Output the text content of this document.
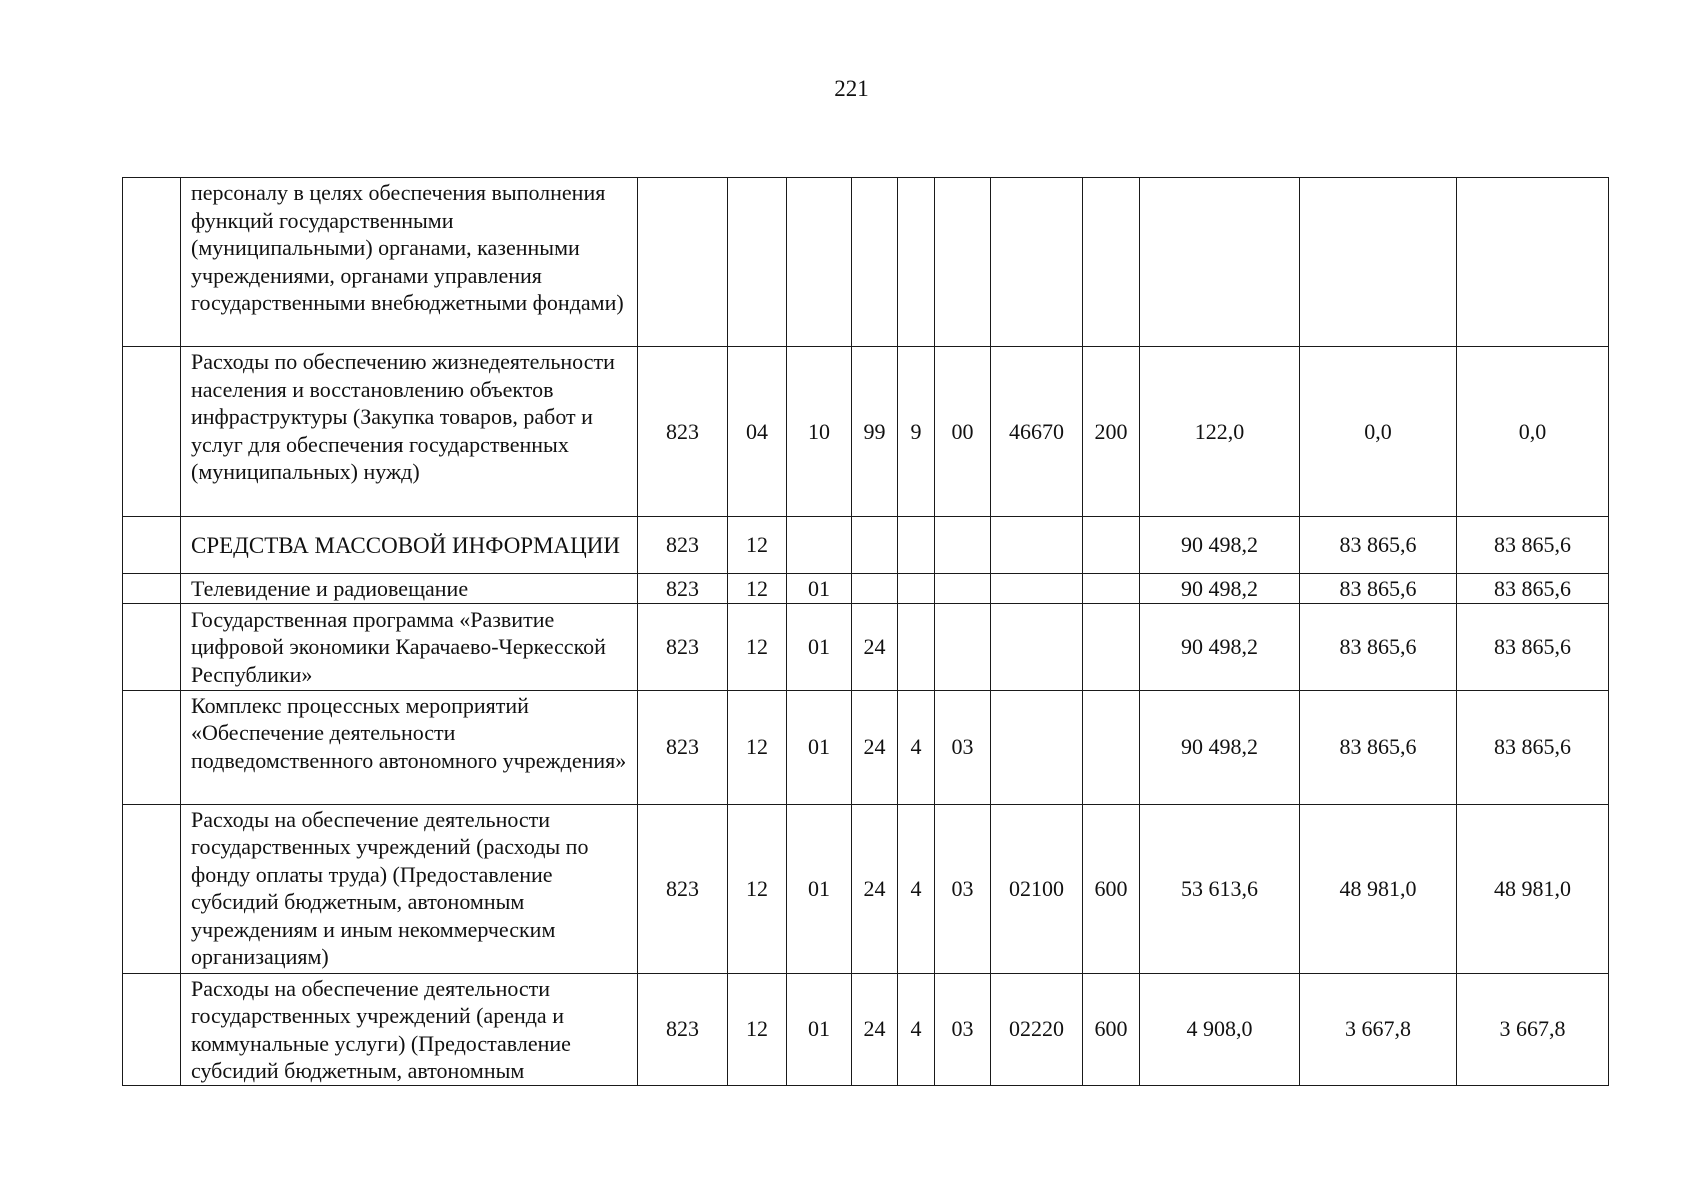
221
	персоналу в целях обеспечения выполнения функций государственными (муниципальными) органами, казенными учреждениями, органами управления государственными внебюджетными фондами)											
	Расходы по обеспечению жизнедеятельности населения и восстановлению объектов инфраструктуры (Закупка товаров, работ и услуг для обеспечения государственных (муниципальных) нужд)	823	04	10	99	9	00	46670	200	122,0	0,0	0,0
	СРЕДСТВА МАССОВОЙ ИНФОРМАЦИИ	823	12							90 498,2	83 865,6	83 865,6
	Телевидение и радиовещание	823	12	01						90 498,2	83 865,6	83 865,6
	Государственная программа «Развитие цифровой экономики Карачаево-Черкесской Республики»	823	12	01	24					90 498,2	83 865,6	83 865,6
	Комплекс процессных мероприятий «Обеспечение деятельности подведомственного автономного учреждения»	823	12	01	24	4	03			90 498,2	83 865,6	83 865,6
	Расходы на обеспечение деятельности государственных учреждений (расходы по фонду оплаты труда) (Предоставление субсидий бюджетным, автономным учреждениям и иным некоммерческим организациям)	823	12	01	24	4	03	02100	600	53 613,6	48 981,0	48 981,0
	Расходы на обеспечение деятельности государственных учреждений (аренда и коммунальные услуги) (Предоставление субсидий бюджетным, автономным	823	12	01	24	4	03	02220	600	4 908,0	3 667,8	3 667,8
